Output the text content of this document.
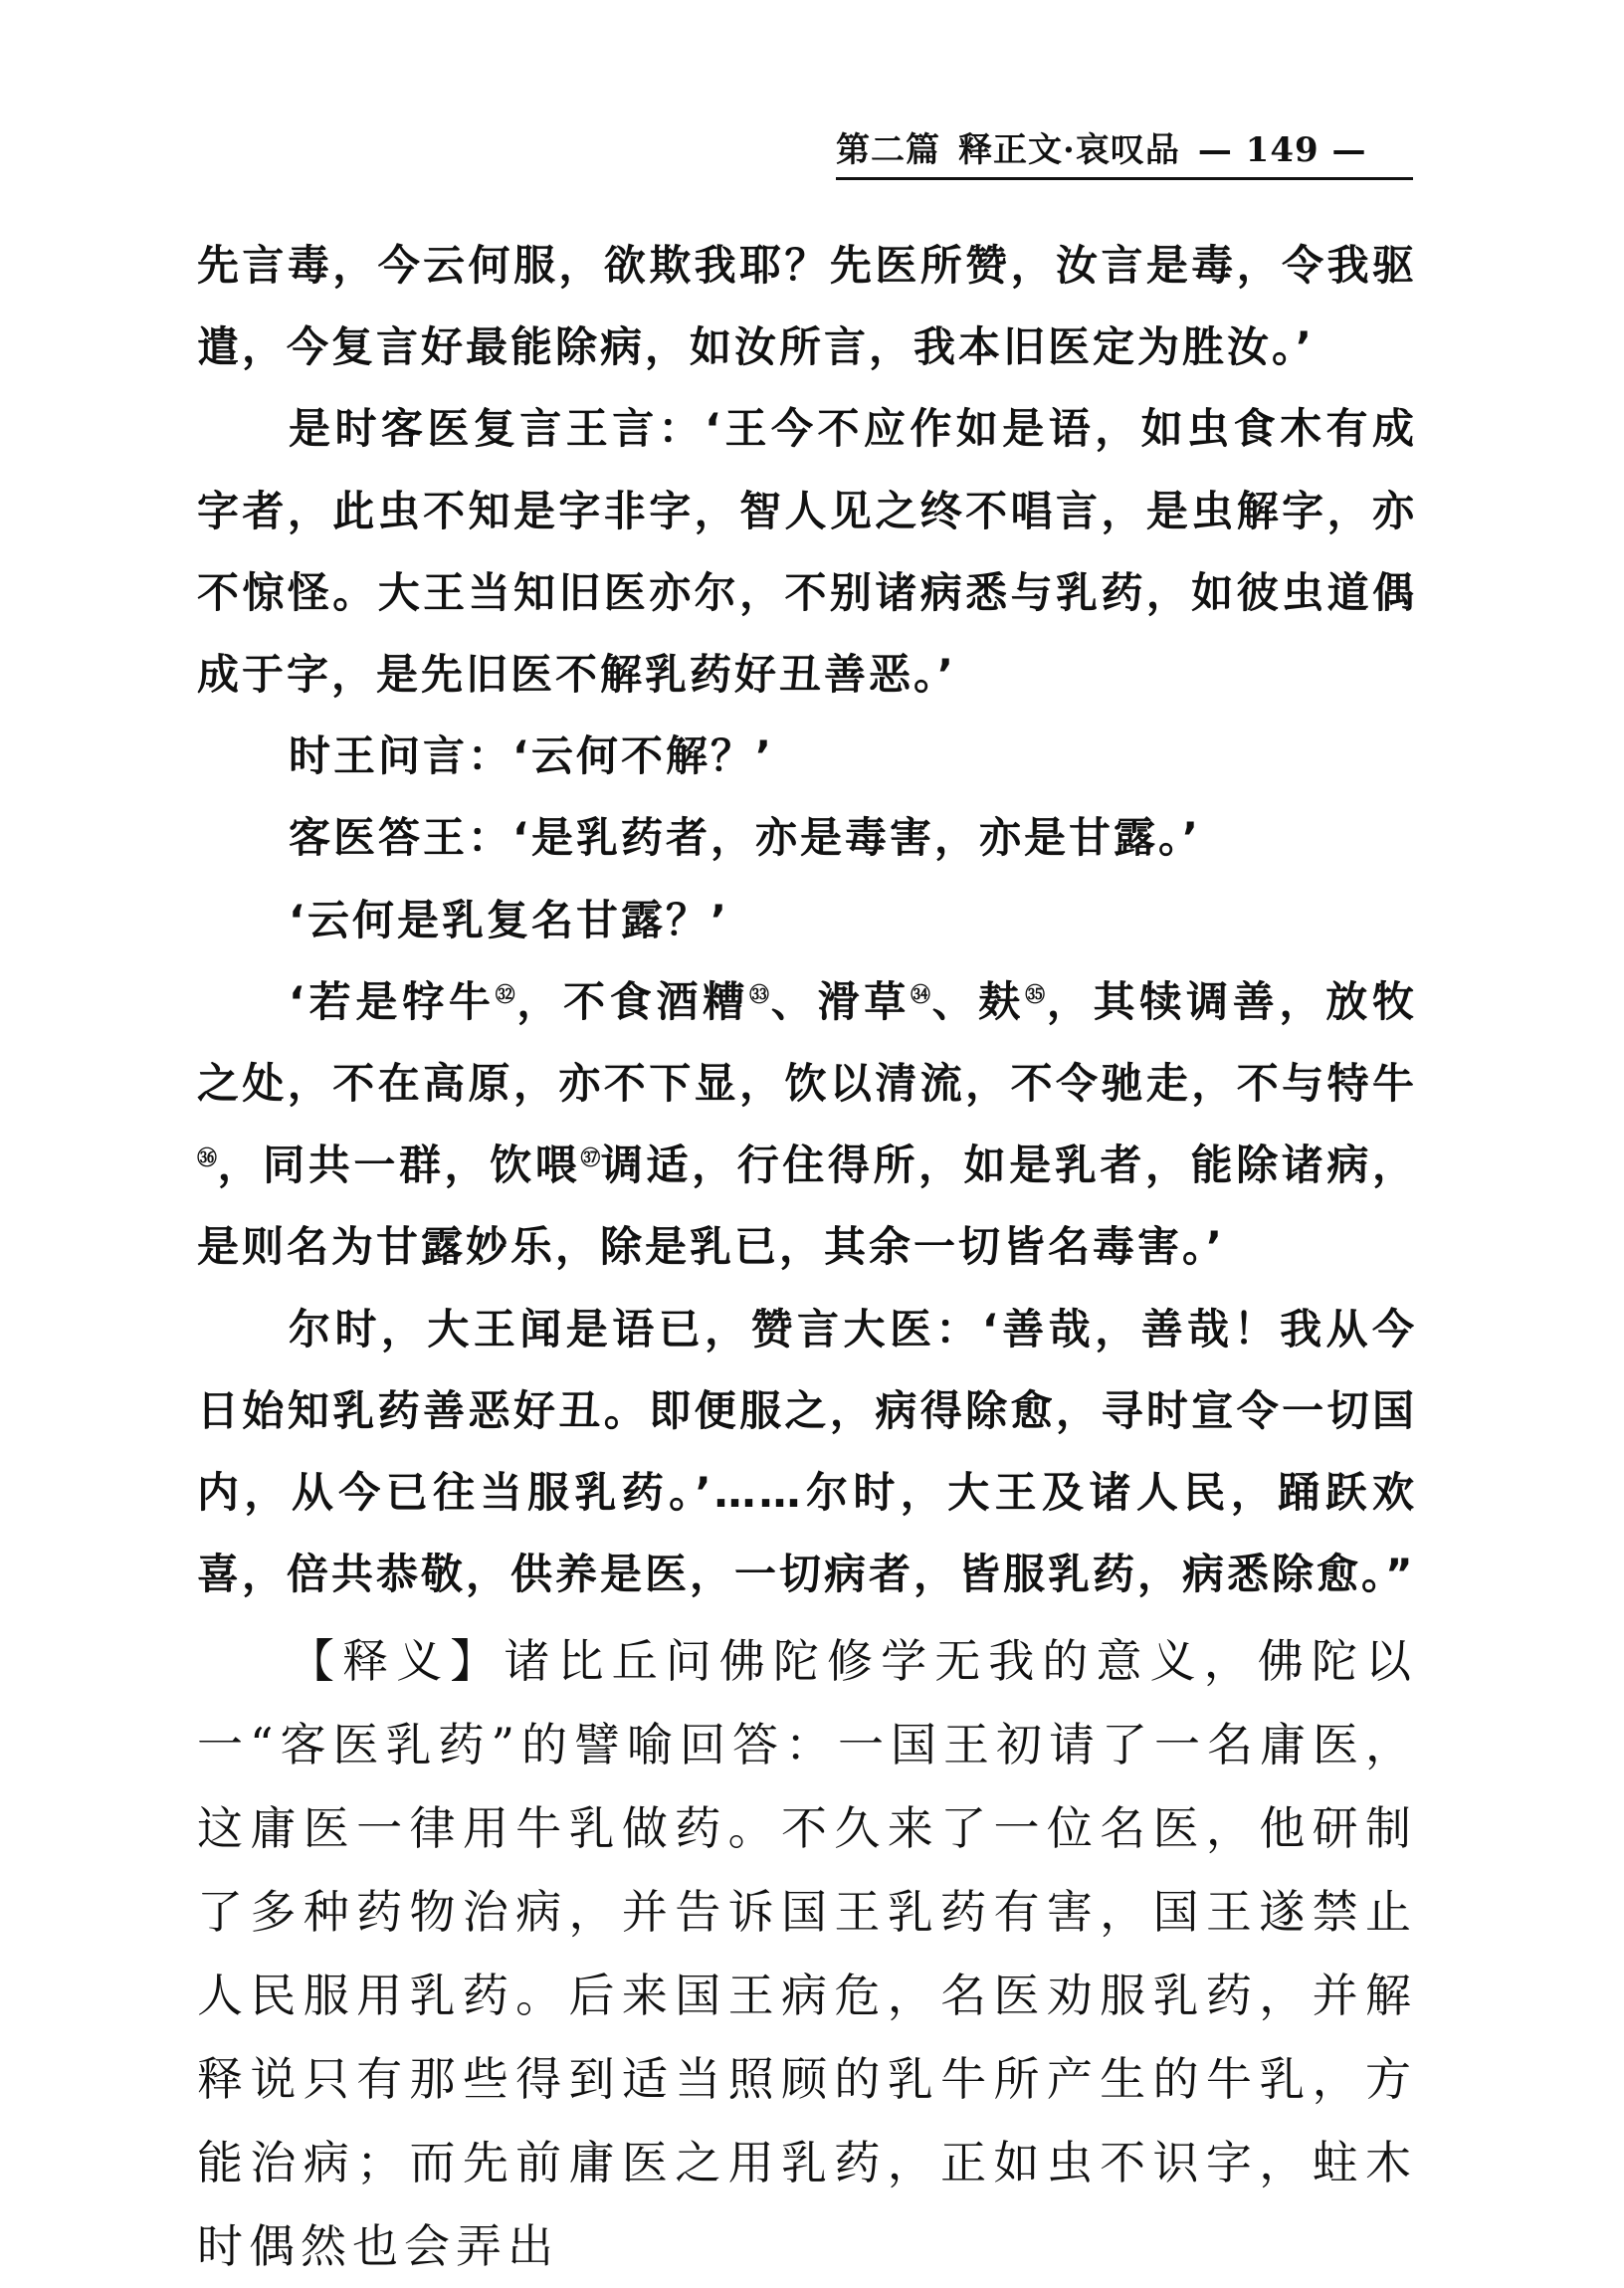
第二篇 释正文·哀叹品 — 149 —

先言毒，今云何服，欲欺我耶？先医所赞，汝言是毒，令我驱遣，今复言好最能除病，如汝所言，我本旧医定为胜汝。’

是时客医复言王言：‘王今不应作如是语，如虫食木有成字者，此虫不知是字非字，智人见之终不唱言，是虫解字，亦不惊怪。大王当知旧医亦尔，不别诸病悉与乳药，如彼虫道偶成于字，是先旧医不解乳药好丑善恶。’

时王问言：‘云何不解？’

客医答王：‘是乳药者，亦是毒害，亦是甘露。’

‘云何是乳复名甘露？’

‘若是牸牛$^㉜$，不食酒糟$^㉝$、滑草$^㉞$、麸$^㉟$，其犊调善，放牧之处，不在高原，亦不下显，饮以清流，不令驰走，不与特牛$^㊱$，同共一群，饮喂$^㊲$调适，行住得所，如是乳者，能除诸病，是则名为甘露妙乐，除是乳已，其余一切皆名毒害。’

尔时，大王闻是语已，赞言大医：‘善哉，善哉！我从今日始知乳药善恶好丑。即便服之，病得除愈，寻时宣令一切国内，从今已往当服乳药。’……尔时，大王及诸人民，踊跃欢喜，倍共恭敬，供养是医，一切病者，皆服乳药，病悉除愈。”

【释义】诸比丘问佛陀修学无我的意义，佛陀以一“客医乳药”的譬喻回答：一国王初请了一名庸医，这庸医一律用牛乳做药。不久来了一位名医，他研制了多种药物治病，并告诉国王乳药有害，国王遂禁止人民服用乳药。后来国王病危，名医劝服乳药，并解释说只有那些得到适当照顾的乳牛所产生的牛乳，方能治病；而先前庸医之用乳药，正如虫不识字，蛀木时偶然也会弄出
